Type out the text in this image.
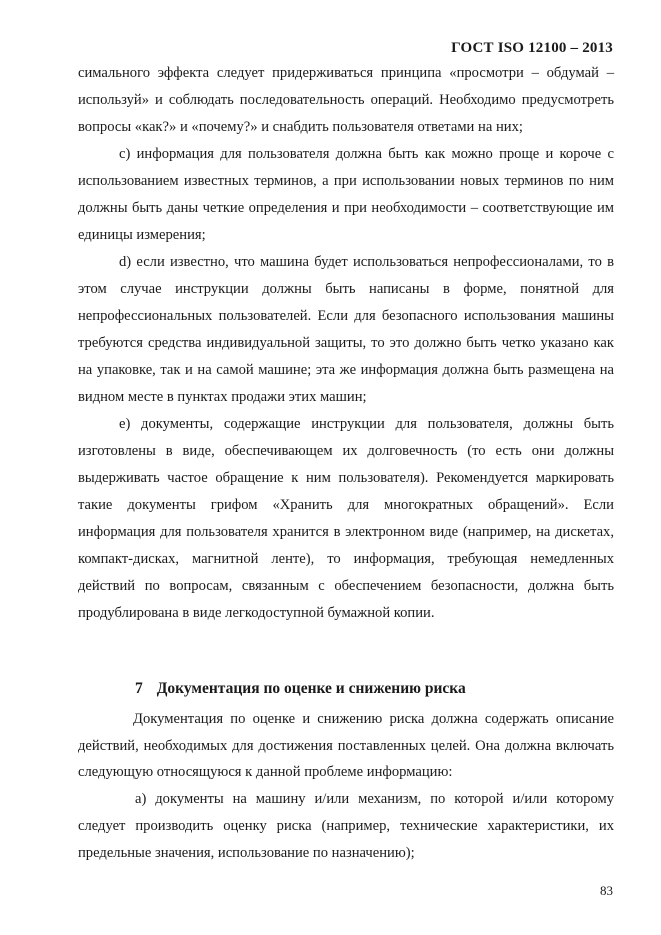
ГОСТ ISO 12100 – 2013

симального эффекта следует придерживаться принципа «просмотри – обдумай – используй» и соблюдать последовательность операций. Необходимо предусмотреть вопросы «как?» и «почему?» и снабдить пользователя ответами на них;

с) информация для пользователя должна быть как можно проще и короче с использованием известных терминов, а при использовании новых терминов по ним должны быть даны четкие определения и при необходимости – соответствующие им единицы измерения;

d) если известно, что машина будет использоваться непрофессионалами, то в этом случае инструкции должны быть написаны в форме, понятной для непрофессиональных пользователей. Если для безопасного использования машины требуются средства индивидуальной защиты, то это должно быть четко указано как на упаковке, так и на самой машине; эта же информация должна быть размещена на видном месте в пунктах продажи этих машин;

е) документы, содержащие инструкции для пользователя, должны быть изготовлены в виде, обеспечивающем их долговечность (то есть они должны выдерживать частое обращение к ним пользователя). Рекомендуется маркировать такие документы грифом «Хранить для многократных обращений». Если информация для пользователя хранится в электронном виде (например, на дискетах, компакт-дисках, магнитной ленте), то информация, требующая немедленных действий по вопросам, связанным с обеспечением безопасности, должна быть продублирована в виде легкодоступной бумажной копии.

7 Документация по оценке и снижению риска

Документация по оценке и снижению риска должна содержать описание действий, необходимых для достижения поставленных целей. Она должна включать следующую относящуюся к данной проблеме информацию:

а) документы на машину и/или механизм, по которой и/или которому следует производить оценку риска (например, технические характеристики, их предельные значения, использование по назначению);

83
